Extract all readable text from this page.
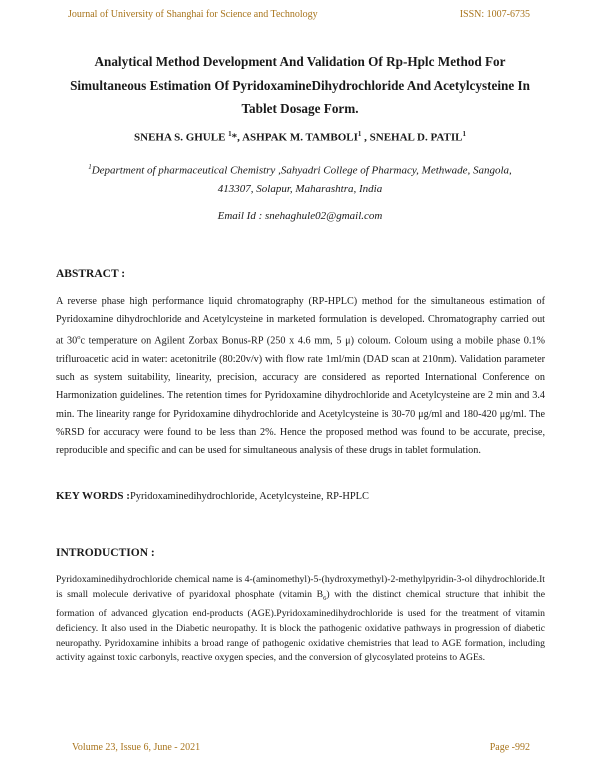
Journal of University of Shanghai for Science and Technology	ISSN: 1007-6735
Analytical Method Development And Validation Of Rp-Hplc Method For
Simultaneous Estimation Of PyridoxamineDihydrochloride And Acetylcysteine In
Tablet Dosage Form.
SNEHA S. GHULE $^1$*, ASHPAK M. TAMBOLI$^1$ , SNEHAL D. PATIL$^1$
$^1$Department of pharmaceutical Chemistry ,Sahyadri College of Pharmacy, Methwade, Sangola,
413307, Solapur, Maharashtra, India
Email Id : snehaghule02@gmail.com
ABSTRACT :
A reverse phase high performance liquid chromatography (RP-HPLC) method for the simultaneous estimation of Pyridoxamine dihydrochloride and Acetylcysteine in marketed formulation is developed. Chromatography carried out at 30$^o$c temperature on Agilent Zorbax Bonus-RP (250 x 4.6 mm, 5 μ) coloum. Coloum using a mobile phase 0.1% trifluroacetic acid in water: acetonitrile (80:20v/v) with flow rate 1ml/min (DAD scan at 210nm). Validation parameter such as system suitability, linearity, precision, accuracy are considered as reported International Conference on Harmonization guidelines. The retention times for Pyridoxamine dihydrochloride and Acetylcysteine are 2 min and 3.4 min. The linearity range for Pyridoxamine dihydrochloride and Acetylcysteine is 30-70 μg/ml and 180-420 μg/ml. The %RSD for accuracy were found to be less than 2%. Hence the proposed method was found to be accurate, precise, reproducible and specific and can be used for simultaneous analysis of these drugs in tablet formulation.
KEY WORDS :Pyridoxaminedihydrochloride, Acetylcysteine, RP-HPLC
INTRODUCTION :
Pyridoxaminedihydrochloride chemical name is 4-(aminomethyl)-5-(hydroxymethyl)-2-methylpyridin-3-ol dihydrochloride.It is small molecule derivative of pyaridoxal phosphate (vitamin $B_6$) with the distinct chemical structure that inhibit the formation of advanced glycation end-products (AGE).Pyridoxaminedihydrochloride is used for the treatment of vitamin deficiency. It also used in the Diabetic neuropathy. It is block the pathogenic oxidative pathways in progression of diabetic neuropathy. Pyridoxamine inhibits a broad range of pathogenic oxidative chemistries that lead to AGE formation, including activity against toxic carbonyls, reactive oxygen species, and the conversion of glycosylated proteins to AGEs.
Volume 23, Issue 6, June - 2021	Page -992
